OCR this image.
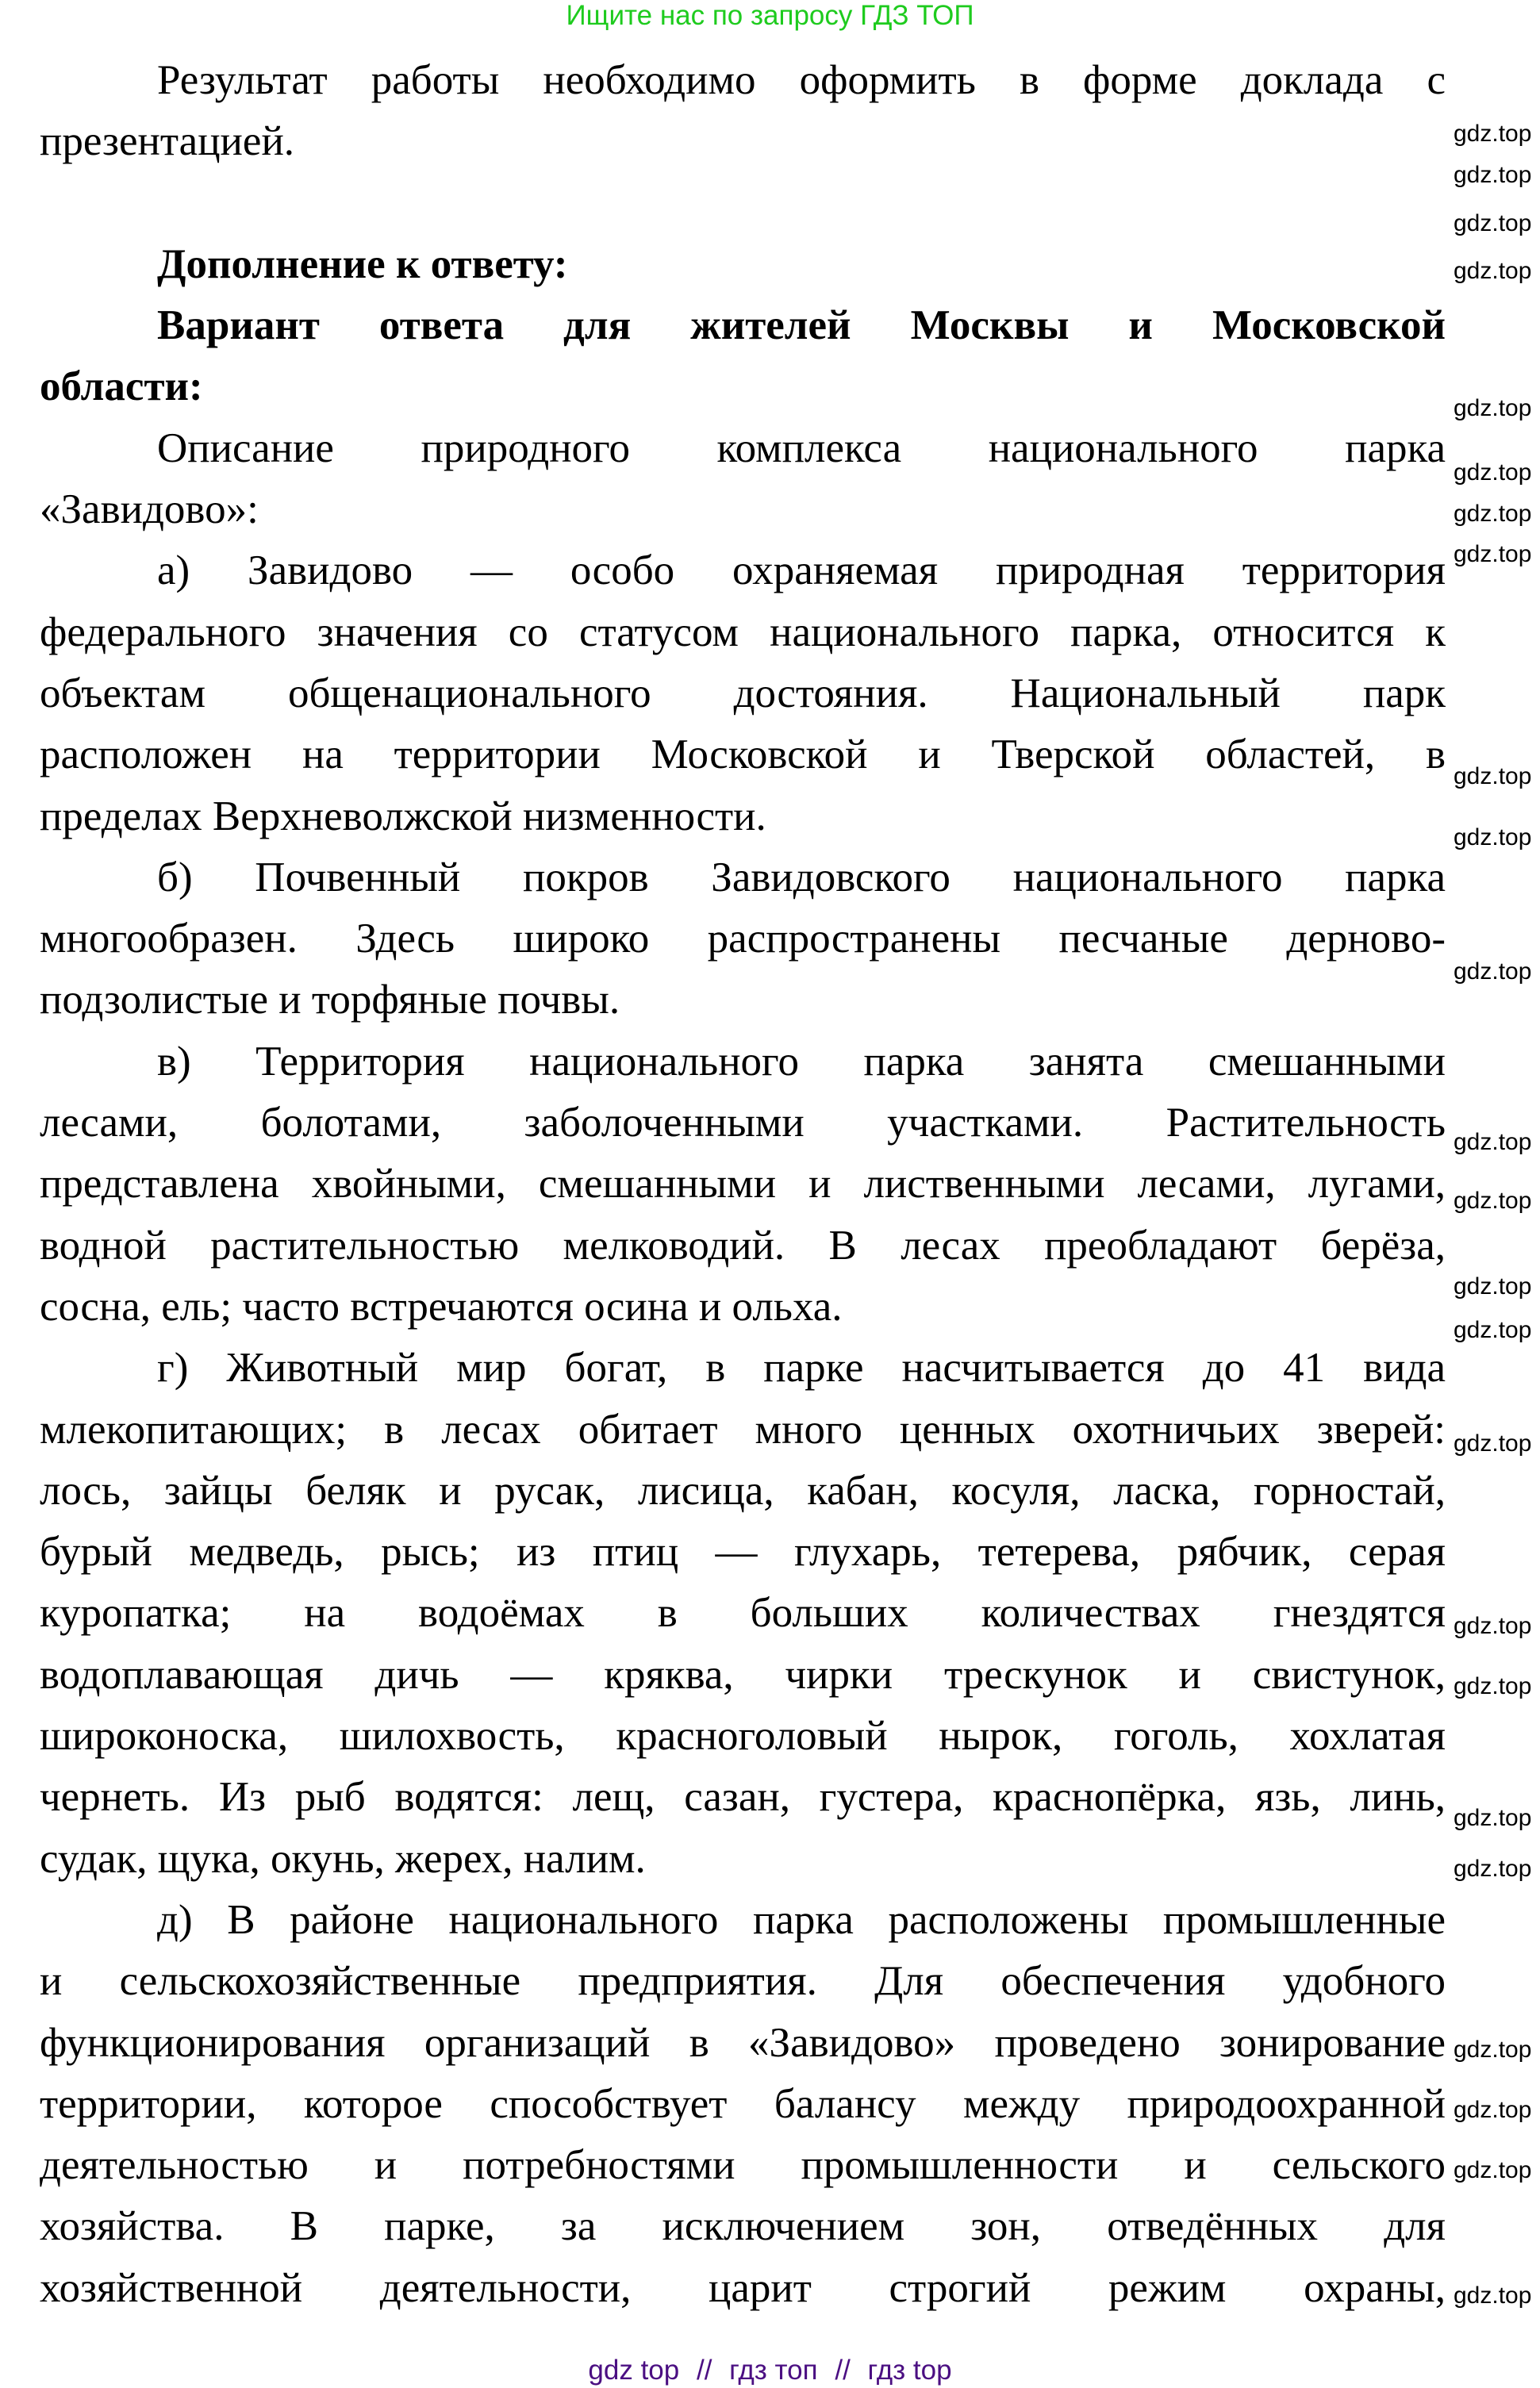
Ищите нас по запросу ГДЗ ТОП
Результат работы необходимо оформить в форме доклада с
презентацией.
Дополнение к ответу:
Вариант ответа для жителей Москвы и Московской
области:
Описание природного комплекса национального парка
«Завидово»:
а) Завидово — особо охраняемая природная территория
федерального значения со статусом национального парка, относится к
объектам общенационального достояния. Национальный парк
расположен на территории Московской и Тверской областей, в
пределах Верхневолжской низменности.
б) Почвенный покров Завидовского национального парка
многообразен. Здесь широко распространены песчаные дерново-
подзолистые и торфяные почвы.
в) Территория национального парка занята смешанными
лесами, болотами, заболоченными участками. Растительность
представлена хвойными, смешанными и лиственными лесами, лугами,
водной растительностью мелководий. В лесах преобладают берёза,
сосна, ель; часто встречаются осина и ольха.
г) Животный мир богат, в парке насчитывается до 41 вида
млекопитающих; в лесах обитает много ценных охотничьих зверей:
лось, зайцы беляк и русак, лисица, кабан, косуля, ласка, горностай,
бурый медведь, рысь; из птиц — глухарь, тетерева, рябчик, серая
куропатка; на водоёмах в больших количествах гнездятся
водоплавающая дичь — кряква, чирки трескунок и свистунок,
широконоска, шилохвость, красноголовый нырок, гоголь, хохлатая
чернеть. Из рыб водятся: лещ, сазан, густера, краснопёрка, язь, линь,
судак, щука, окунь, жерех, налим.
д) В районе национального парка расположены промышленные
и сельскохозяйственные предприятия. Для обеспечения удобного
функционирования организаций в «Завидово» проведено зонирование
территории, которое способствует балансу между природоохранной
деятельностью и потребностями промышленности и сельского
хозяйства. В парке, за исключением зон, отведённых для
хозяйственной деятельности, царит строгий режим охраны,
gdz.top
gdz.top
gdz.top
gdz.top
gdz.top
gdz.top
gdz.top
gdz.top
gdz.top
gdz.top
gdz.top
gdz.top
gdz.top
gdz.top
gdz.top
gdz.top
gdz.top
gdz.top
gdz.top
gdz.top
gdz.top
gdz.top
gdz.top
gdz.top
gdz top // гдз топ // гдз top
